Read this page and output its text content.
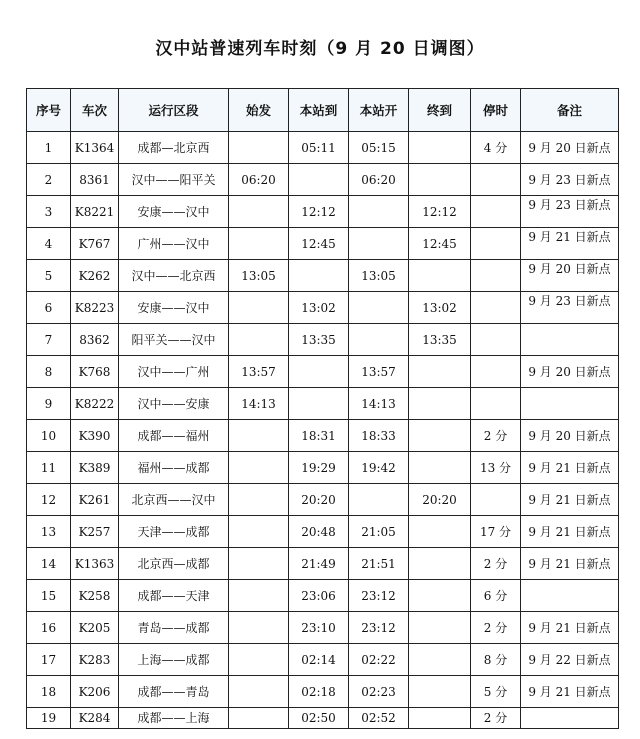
汉中站普速列车时刻（9 月 20 日调图）
序号	车次	运行区段	始发	本站到	本站开	终到	停时	备注
1	K1364	成都—北京西		05:11	05:15		4 分	9 月 20 日新点
2	8361	汉中——阳平关	06:20		06:20			9 月 23 日新点
3	K8221	安康——汉中		12:12		12:12		9 月 23 日新点
4	K767	广州——汉中		12:45		12:45		9 月 21 日新点
5	K262	汉中——北京西	13:05		13:05			9 月 20 日新点
6	K8223	安康——汉中		13:02		13:02		9 月 23 日新点
7	8362	阳平关——汉中		13:35		13:35		
8	K768	汉中——广州	13:57		13:57			9 月 20 日新点
9	K8222	汉中——安康	14:13		14:13			
10	K390	成都——福州		18:31	18:33		2 分	9 月 20 日新点
11	K389	福州——成都		19:29	19:42		13 分	9 月 21 日新点
12	K261	北京西——汉中		20:20		20:20		9 月 21 日新点
13	K257	天津——成都		20:48	21:05		17 分	9 月 21 日新点
14	K1363	北京西—成都		21:49	21:51		2 分	9 月 21 日新点
15	K258	成都——天津		23:06	23:12		6 分	
16	K205	青岛——成都		23:10	23:12		2 分	9 月 21 日新点
17	K283	上海——成都		02:14	02:22		8 分	9 月 22 日新点
18	K206	成都——青岛		02:18	02:23		5 分	9 月 21 日新点
19	K284	成都——上海		02:50	02:52		2 分	
